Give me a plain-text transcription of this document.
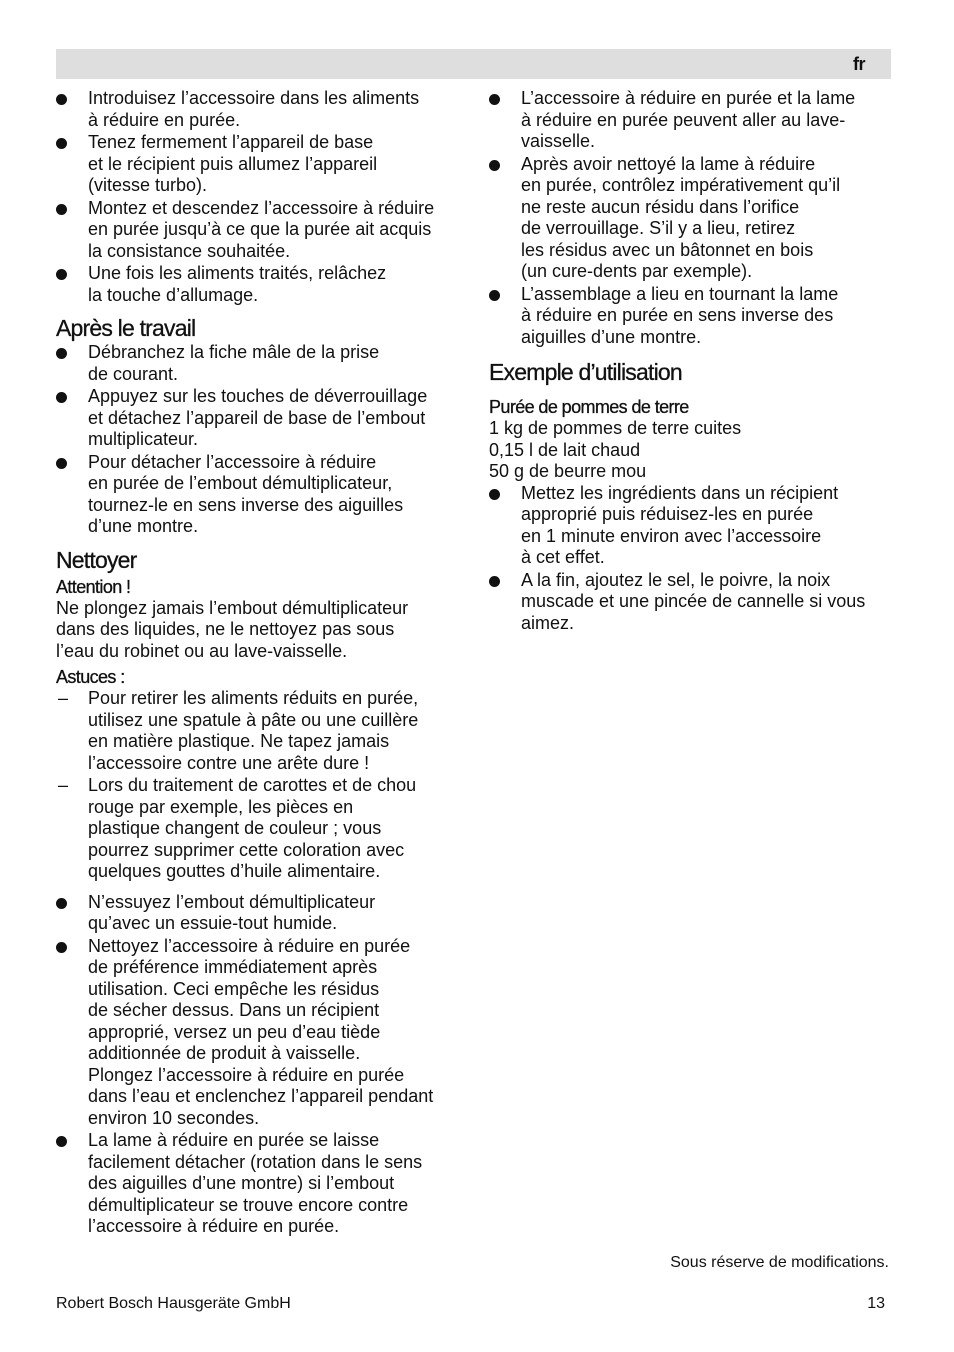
fr
Introduisez l’accessoire dans les aliments
à réduire en purée.
Tenez fermement l’appareil de base
et le récipient puis allumez l’appareil
(vitesse turbo).
Montez et descendez l’accessoire à réduire
en purée jusqu’à ce que la purée ait acquis
la consistance souhaitée.
Une fois les aliments traités, relâchez
la touche d’allumage.
Après le travail
Débranchez la fiche mâle de la prise
de courant.
Appuyez sur les touches de déverrouillage
et détachez l’appareil de base de l’embout
multiplicateur.
Pour détacher l’accessoire à réduire
en purée de l’embout démultiplicateur,
tournez-le en sens inverse des aiguilles
d’une montre.
Nettoyer
Attention !

Ne plongez jamais l’embout démultiplicateur
dans des liquides, ne le nettoyez pas sous
l’eau du robinet ou au lave-vaisselle.

Astuces :
– Pour retirer les aliments réduits en purée,
utilisez une spatule à pâte ou une cuillère
en matière plastique. Ne tapez jamais
l’accessoire contre une arête dure !
– Lors du traitement de carottes et de chou
rouge par exemple, les pièces en
plastique changent de couleur ; vous
pourrez supprimer cette coloration avec
quelques gouttes d’huile alimentaire.
N’essuyez l’embout démultiplicateur
qu’avec un essuie-tout humide.
Nettoyez l’accessoire à réduire en purée
de préférence immédiatement après
utilisation. Ceci empêche les résidus
de sécher dessus. Dans un récipient
approprié, versez un peu d’eau tiède
additionnée de produit à vaisselle.
Plongez l’accessoire à réduire en purée
dans l’eau et enclenchez l’appareil pendant
environ 10 secondes.
La lame à réduire en purée se laisse
facilement détacher (rotation dans le sens
des aiguilles d’une montre) si l’embout
démultiplicateur se trouve encore contre
l’accessoire à réduire en purée.
L’accessoire à réduire en purée et la lame
à réduire en purée peuvent aller au lave-
vaisselle.
Après avoir nettoyé la lame à réduire
en purée, contrôlez impérativement qu’il
ne reste aucun résidu dans l’orifice
de verrouillage. S’il y a lieu, retirez
les résidus avec un bâtonnet en bois
(un cure-dents par exemple).
L’assemblage a lieu en tournant la lame
à réduire en purée en sens inverse des
aiguilles d’une montre.
Exemple d’utilisation
Purée de pommes de terre

1 kg de pommes de terre cuites

0,15 l de lait chaud

50 g de beurre mou

Mettez les ingrédients dans un récipient
approprié puis réduisez-les en purée
en 1 minute environ avec l’accessoire
à cet effet.
A la fin, ajoutez le sel, le poivre, la noix
muscade et une pincée de cannelle si vous
aimez.
Sous réserve de modifications.
Robert Bosch Hausgeräte GmbH	13
